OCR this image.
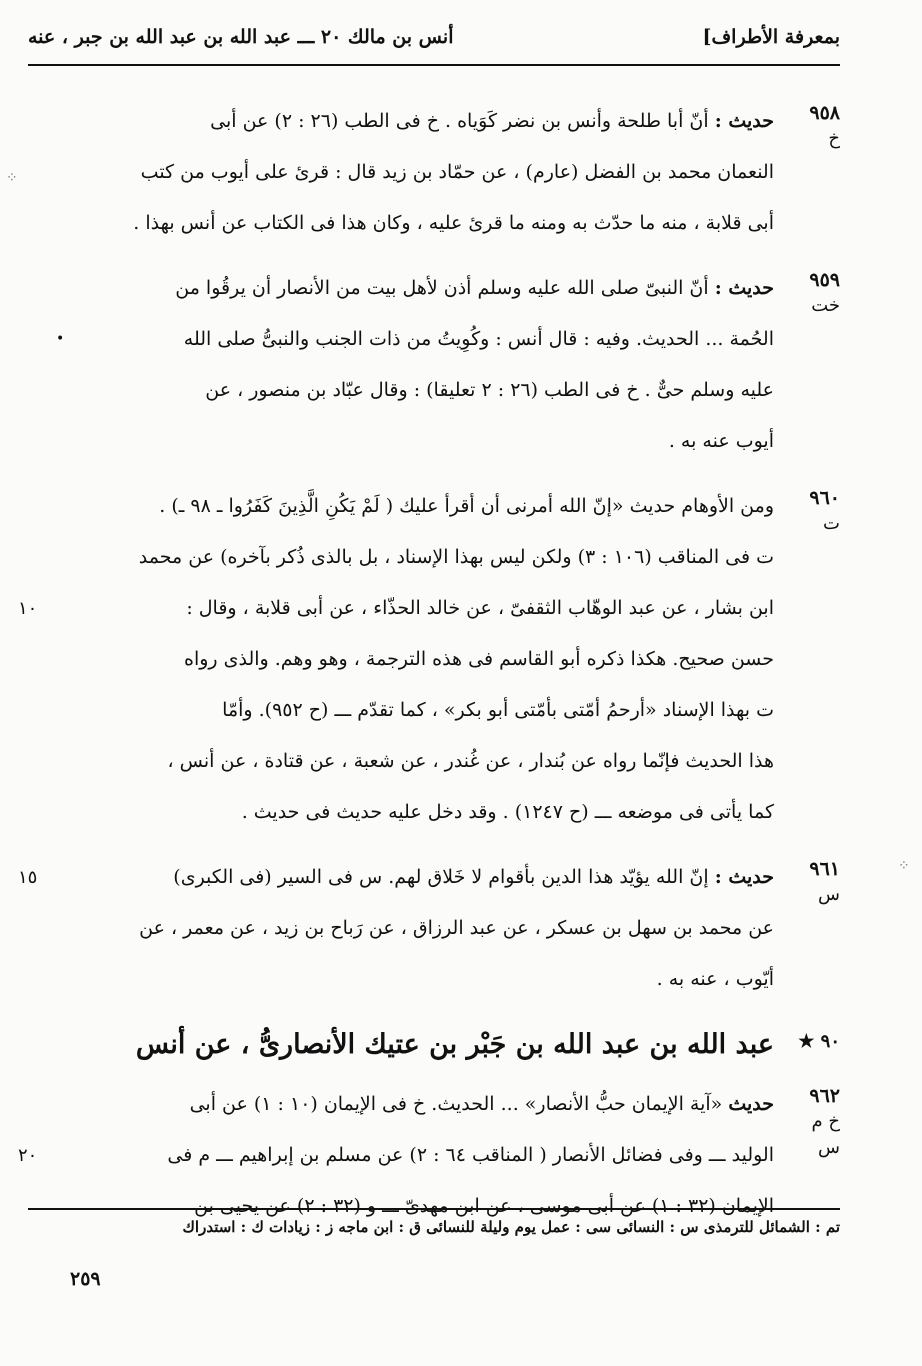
بمعرفة الأطراف]
أنس بن مالك ٢٠ ـــ عبد الله بن عبد الله بن جبر ، عنه
- -
٩٥٨
خ
حديث : أنّ أبا طلحة وأنس بن نضر كَوَياه . خ فى الطب (٢٦ : ٢) عن أبى
النعمان محمد بن الفضل (عارم) ، عن حمّاد بن زيد قال : قرئ على أيوب من كتب
أبى قلابة ، منه ما حدّث به ومنه ما قرئ عليه ، وكان هذا فى الكتاب عن أنس بهذا .
٩٥٩
خت
حديث : أنّ النبىّ صلى الله عليه وسلم أذن لأهل بيت من الأنصار أن يرقُوا من
•	الحُمة ... الحديث. وفيه : قال أنس : وكُوِيتُ من ذات الجنب والنبىُّ صلى الله
عليه وسلم حىٌّ . خ فى الطب (٢٦ : ٢ تعليقا) : وقال عبّاد بن منصور ، عن
أيوب عنه به .
٩٦٠
ت
ومن الأوهام حديث «إنّ الله أمرنى أن أقرأ عليك ( لَمْ يَكُنِ الَّذِينَ كَفَرُوا ـ ٩٨ ـ) .
ت فى المناقب (١٠٦ : ٣) ولكن ليس بهذا الإسناد ، بل بالذى ذُكر بآخره) عن محمد
١٠	ابن بشار ، عن عبد الوهّاب الثقفىّ ، عن خالد الحذّاء ، عن أبى قلابة ، وقال :
حسن صحيح. هكذا ذكره أبو القاسم فى هذه الترجمة ، وهو وهم. والذى رواه
ت بهذا الإسناد «أرحمُ أمّتى بأمّتى أبو بكر» ، كما تقدّم ـــ (ح ٩٥٢). وأمّا
هذا الحديث فإنّما رواه عن بُندار ، عن غُندر ، عن شعبة ، عن قتادة ، عن أنس ،
كما يأتى فى موضعه ـــ (ح ١٢٤٧) . وقد دخل عليه حديث فى حديث .
٩٦١
س
١٥	حديث : إنّ الله يؤيّد هذا الدين بأقوام لا خَلاق لهم. س فى السير (فى الكبرى)
عن محمد بن سهل بن عسكر ، عن عبد الرزاق ، عن رَباح بن زيد ، عن معمر ، عن
أيّوب ، عنه به .
٩٠ ★
عبد الله بن عبد الله بن جَبْر بن عتيك الأنصارىُّ ، عن أنس
٩٦٢
خ م س
حديث «آية الإيمان حبُّ الأنصار» ... الحديث. خ فى الإيمان (١٠ : ١) عن أبى
٢٠	الوليد ـــ وفى فضائل الأنصار ( المناقب ٦٤ : ٢) عن مسلم بن إبراهيم ـــ م فى
الإيمان (٣٢ : ١) عن أبى موسى ، عن ابن مهدىّ ـــ و (٣٢ : ٢) عن يحيى بن
تم : الشمائل للترمذى س : النسائى سى : عمل يوم وليلة للنسائى ق : ابن ماجه ز : زيادات ك : استدراك
٢٥٩
⁘
⁘
